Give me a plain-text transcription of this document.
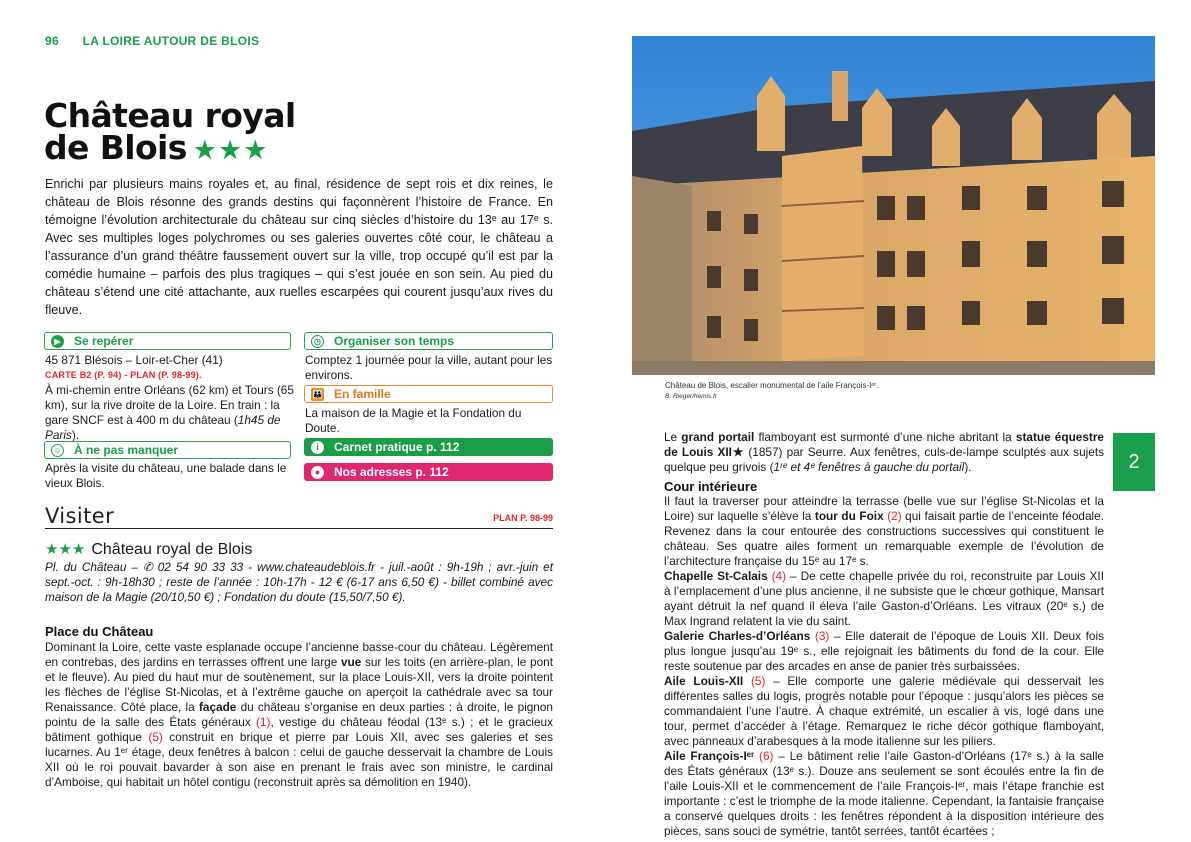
96 LA LOIRE AUTOUR DE BLOIS
Château royal
de Blois ★★★
Enrichi par plusieurs mains royales et, au final, résidence de sept rois et dix reines, le château de Blois résonne des grands destins qui façonnèrent l’histoire de France. En témoigne l’évolution architecturale du château sur cinq siècles d’histoire du 13ᵉ au 17ᵉ s. Avec ses multiples loges polychromes ou ses galeries ouvertes côté cour, le château a l’assurance d’un grand théâtre faussement ouvert sur la ville, trop occupé qu’il est par la comédie humaine – parfois des plus tragiques – qui s’est jouée en son sein. Au pied du château s’étend une cité attachante, aux ruelles escarpées qui courent jusqu’aux rives du fleuve.
▶ Se repérer
45 871 Blésois – Loir-et-Cher (41)
CARTE B2 (P. 94) - PLAN (P. 98-99).
À mi-chemin entre Orléans (62 km) et Tours (65 km), sur la rive droite de la Loire. En train : la gare SNCF est à 400 m du château (1h45 de Paris).
☺ À ne pas manquer
Après la visite du château, une balade dans le vieux Blois.
◷ Organiser son temps
Comptez 1 journée pour la ville, autant pour les environs.
👪 En famille
La maison de la Magie et la Fondation du Doute.
i	Carnet pratique p. 112
●	Nos adresses p. 112
Visiter	PLAN P. 98-99
★★★ Château royal de Blois
Pl. du Château – ✆ 02 54 90 33 33 - www.chateaudeblois.fr - juil.-août : 9h-19h ; avr.-juin et sept.-oct. : 9h-18h30 ; reste de l’année : 10h-17h - 12 € (6-17 ans 6,50 €) - billet combiné avec maison de la Magie (20/10,50 €) ; Fondation du doute (15,50/7,50 €).
Place du Château
Dominant la Loire, cette vaste esplanade occupe l’ancienne basse-cour du château. Légèrement en contrebas, des jardins en terrasses offrent une large vue sur les toits (en arrière-plan, le pont et le fleuve). Au pied du haut mur de soutènement, sur la place Louis-XII, vers la droite pointent les flèches de l’église St-Nicolas, et à l’extrême gauche on aperçoit la cathédrale avec sa tour Renaissance. Côté place, la façade du château s’organise en deux parties : à droite, le pignon pointu de la salle des États généraux (1), vestige du château féodal (13ᵉ s.) ; et le gracieux bâtiment gothique (5) construit en brique et pierre par Louis XII, avec ses galeries et ses lucarnes. Au 1ᵉʳ étage, deux fenêtres à balcon : celui de gauche desservait la chambre de Louis XII où le roi pouvait bavarder à son aise en prenant le frais avec son ministre, le cardinal d’Amboise, qui habitait un hôtel contigu (reconstruit après sa démolition en 1940).
Château de Blois, escalier monumental de l’aile François-Iᵉʳ.
B. Rieger/hemis.fr
2
Le grand portail flamboyant est surmonté d’une niche abritant la statue équestre de Louis XII★ (1857) par Seurre. Aux fenêtres, culs-de-lampe sculptés aux sujets quelque peu grivois (1ʳᵉ et 4ᵉ fenêtres à gauche du portail).
Cour intérieure
Il faut la traverser pour atteindre la terrasse (belle vue sur l’église St-Nicolas et la Loire) sur laquelle s’élève la tour du Foix (2) qui faisait partie de l’enceinte féodale. Revenez dans la cour entourée des constructions successives qui constituent le château. Ses quatre ailes forment un remarquable exemple de l’évolution de l’architecture française du 15ᵉ au 17ᵉ s.
Chapelle St-Calais (4) – De cette chapelle privée du roi, reconstruite par Louis XII à l’emplacement d’une plus ancienne, il ne subsiste que le chœur gothique, Mansart ayant détruit la nef quand il éleva l’aile Gaston-d’Orléans. Les vitraux (20ᵉ s.) de Max Ingrand relatent la vie du saint.
Galerie Charles-d’Orléans (3) – Elle daterait de l’époque de Louis XII. Deux fois plus longue jusqu’au 19ᵉ s., elle rejoignait les bâtiments du fond de la cour. Elle reste soutenue par des arcades en anse de panier très surbaissées.
Aile Louis-XII (5) – Elle comporte une galerie médiévale qui desservait les différentes salles du logis, progrès notable pour l’époque : jusqu’alors les pièces se commandaient l’une l’autre. À chaque extrémité, un escalier à vis, logé dans une tour, permet d’accéder à l’étage. Remarquez le riche décor gothique flamboyant, avec panneaux d’arabesques à la mode italienne sur les piliers.
Aile François-Iᵉʳ (6) – Le bâtiment relie l’aile Gaston-d’Orléans (17ᵉ s.) à la salle des États généraux (13ᵉ s.). Douze ans seulement se sont écoulés entre la fin de l’aile Louis-XII et le commencement de l’aile François-Iᵉʳ, mais l’étape franchie est importante : c’est le triomphe de la mode italienne. Cependant, la fantaisie française a conservé quelques droits : les fenêtres répondent à la disposition intérieure des pièces, sans souci de symétrie, tantôt serrées, tantôt écartées ;
